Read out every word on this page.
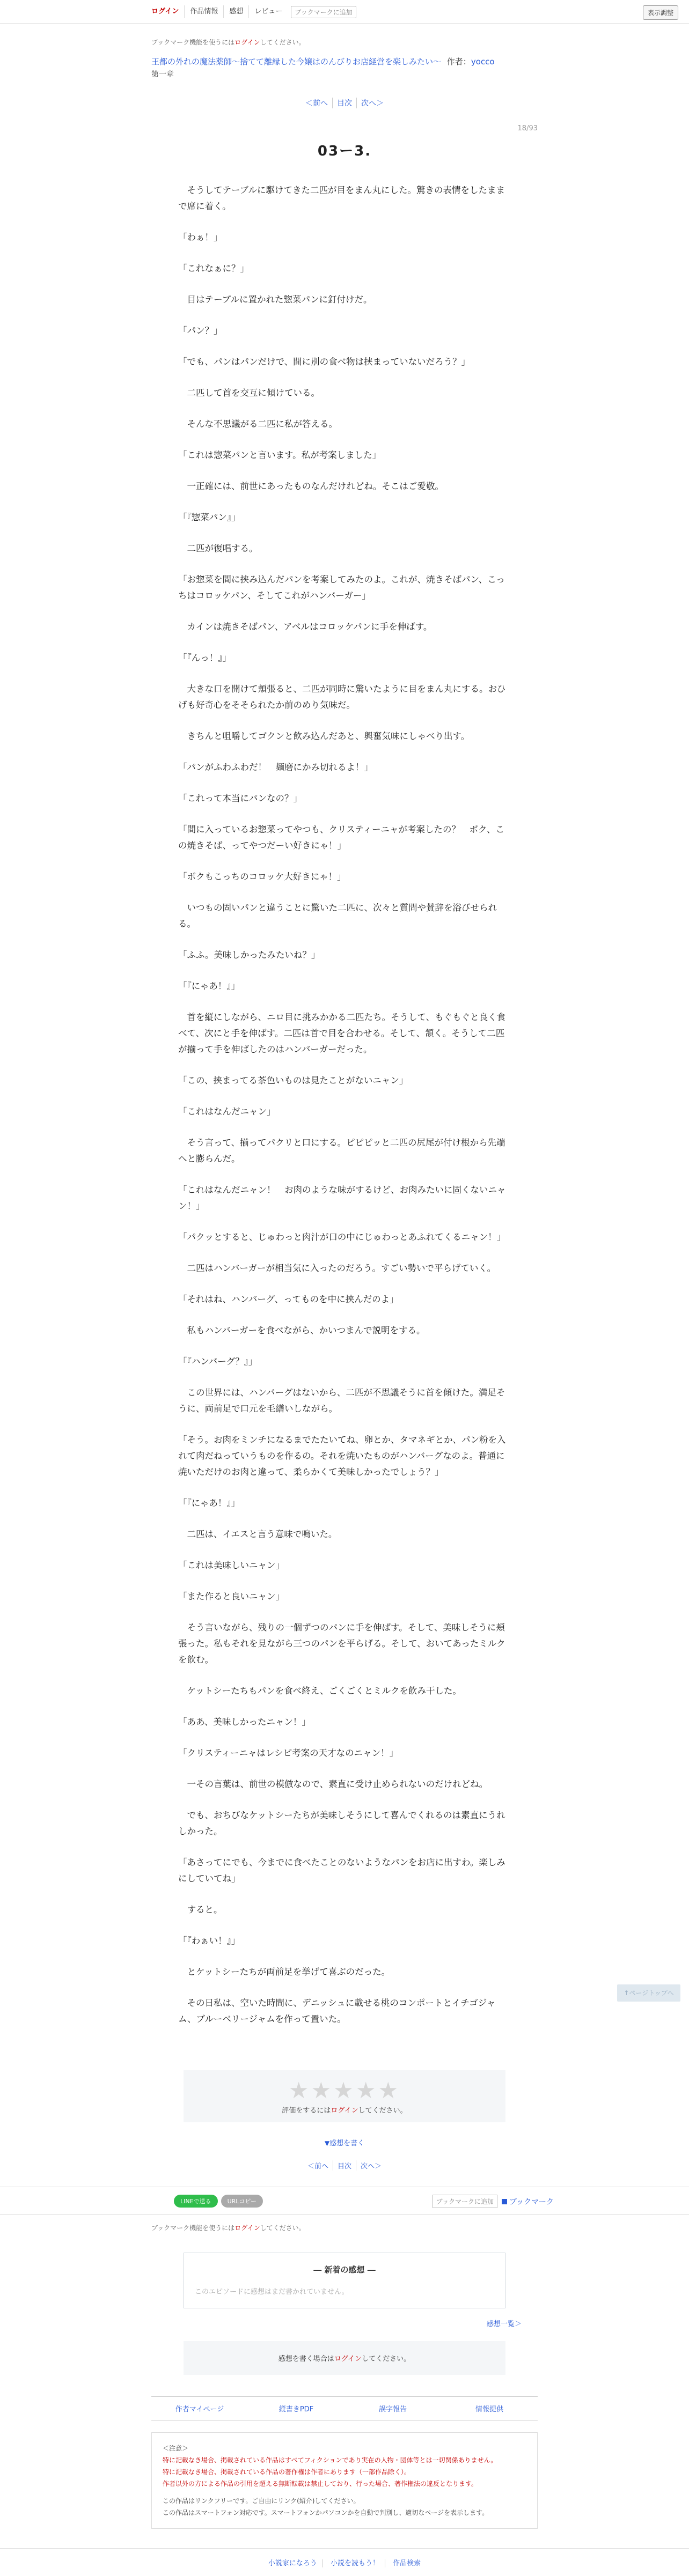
ログイン	作品情報	感想	レビュー	ブックマークに追加	表示調整
ブックマーク機能を使うにはログインしてください。
王都の外れの魔法薬師〜捨てて離縁した今嬢はのんびりお店経営を楽しみたい〜 作者：yocco
第一章
＜前へ	目次	次へ＞
18/93
03ー3.

　そうしてテーブルに駆けてきた二匹が目をまん丸にした。驚きの表情をしたままで席に着く。

「わぁ！」

「これなぁに？」

　目はテーブルに置かれた惣菜パンに釘付けだ。

「パン？」

「でも、パンはパンだけで、間に別の食べ物は挟まっていないだろう？」

　二匹して首を交互に傾けている。

　そんな不思議がる二匹に私が答える。

「これは惣菜パンと言います。私が考案しました」

　一正確には、前世にあったものなんだけれどね。そこはご愛敬。

「『惣菜パン』」

　二匹が復唱する。

「お惣菜を間に挟み込んだパンを考案してみたのよ。これが、焼きそばパン、こっちはコロッケパン、そしてこれがハンバーガー」

　カインは焼きそばパン、アベルはコロッケパンに手を伸ばす。

「『んっ！』」

　大きな口を開けて頬張ると、二匹が同時に驚いたように目をまん丸にする。おひげも好奇心をそそられたか前のめり気味だ。

　きちんと咀嚼してゴクンと飲み込んだあと、興奮気味にしゃべり出す。

「パンがふわふわだ！　麺磨にかみ切れるよ！」

「これって本当にパンなの？」

「間に入っているお惣菜ってやつも、クリスティーニャが考案したの？　ボク、この焼きそば、ってやつだーい好きにゃ！」

「ボクもこっちのコロッケ大好きにゃ！」

　いつもの固いパンと違うことに驚いた二匹に、次々と質問や賛辞を浴びせられる。

「ふふ。美味しかったみたいね？」

「『にゃあ！』」

　首を縦にしながら、ニロ目に挑みかかる二匹たち。そうして、もぐもぐと良く食べて、次にと手を伸ばす。二匹は首で目を合わせる。そして、頷く。そうして二匹が揃って手を伸ばしたのはハンバーガーだった。

「この、挟まってる茶色いものは見たことがないニャン」

「これはなんだニャン」

　そう言って、揃ってパクリと口にする。ピピピッと二匹の尻尾が付け根から先端へと膨らんだ。

「これはなんだニャン！　お肉のような味がするけど、お肉みたいに固くないニャン！」

「パクッとすると、じゅわっと肉汁が口の中にじゅわっとあふれてくるニャン！」

　二匹はハンバーガーが相当気に入ったのだろう。すごい勢いで平らげていく。

「それはね、ハンバーグ、ってものを中に挟んだのよ」

　私もハンバーガーを食べながら、かいつまんで説明をする。

「『ハンバーグ？』」

　この世界には、ハンバーグはないから、二匹が不思議そうに首を傾けた。満足そうに、両前足で口元を毛繕いしながら。

「そう。お肉をミンチになるまでたたいてね、卵とか、タマネギとか、パン粉を入れて肉だねっていうものを作るの。それを焼いたものがハンバーグなのよ。普通に焼いただけのお肉と違って、柔らかくて美味しかったでしょう？」

「『にゃあ！』」

　二匹は、イエスと言う意味で鳴いた。

「これは美味しいニャン」

「また作ると良いニャン」

　そう言いながら、残りの一個ずつのパンに手を伸ばす。そして、美味しそうに頬張った。私もそれを見ながら三つのパンを平らげる。そして、おいてあったミルクを飲む。

　ケットシーたちもパンを食べ終え、ごくごくとミルクを飲み干した。

「ああ、美味しかったニャン！」

「クリスティーニャはレシピ考案の天才なのニャン！」

　一その言葉は、前世の模倣なので、素直に受け止められないのだけれどね。

　でも、おちびなケットシーたちが美味しそうにして喜んでくれるのは素直にうれしかった。

「あさってにでも、今までに食べたことのないようなパンをお店に出すわ。楽しみにしていてね」

　すると。

「『わぁい！』」

　とケットシーたちが両前足を挙げて喜ぶのだった。

　その日私は、空いた時間に、デニッシュに載せる桃のコンポートとイチゴジャム、ブルーベリージャムを作って置いた。

★★★★★
評価をするにはログインしてください。
▼感想を書く
＜前へ	目次	次へ＞
↑ページトップへ
LINEで送る	URLコピー	ブックマークに追加	ブックマーク
ブックマーク機能を使うにはログインしてください。
― 新着の感想 ―
このエピソードに感想はまだ書かれていません。
感想一覧＞
感想を書く場合はログインしてください。
作者マイページ	縦書きPDF	誤字報告	情報提供
＜注意＞
特に記載なき場合、掲載されている作品はすべてフィクションであり実在の人物・団体等とは一切関係ありません。
特に記載なき場合、掲載されている作品の著作権は作者にあります（一部作品除く）。
作者以外の方による作品の引用を超える無断転載は禁止しており、行った場合、著作権法の違反となります。
この作品はリンクフリーです。ご自由にリンク(紹介)してください。
この作品はスマートフォン対応です。スマートフォンかパソコンかを自動で判別し、適切なページを表示します。
小説家になろう 小説を読もう！ 作品検索
